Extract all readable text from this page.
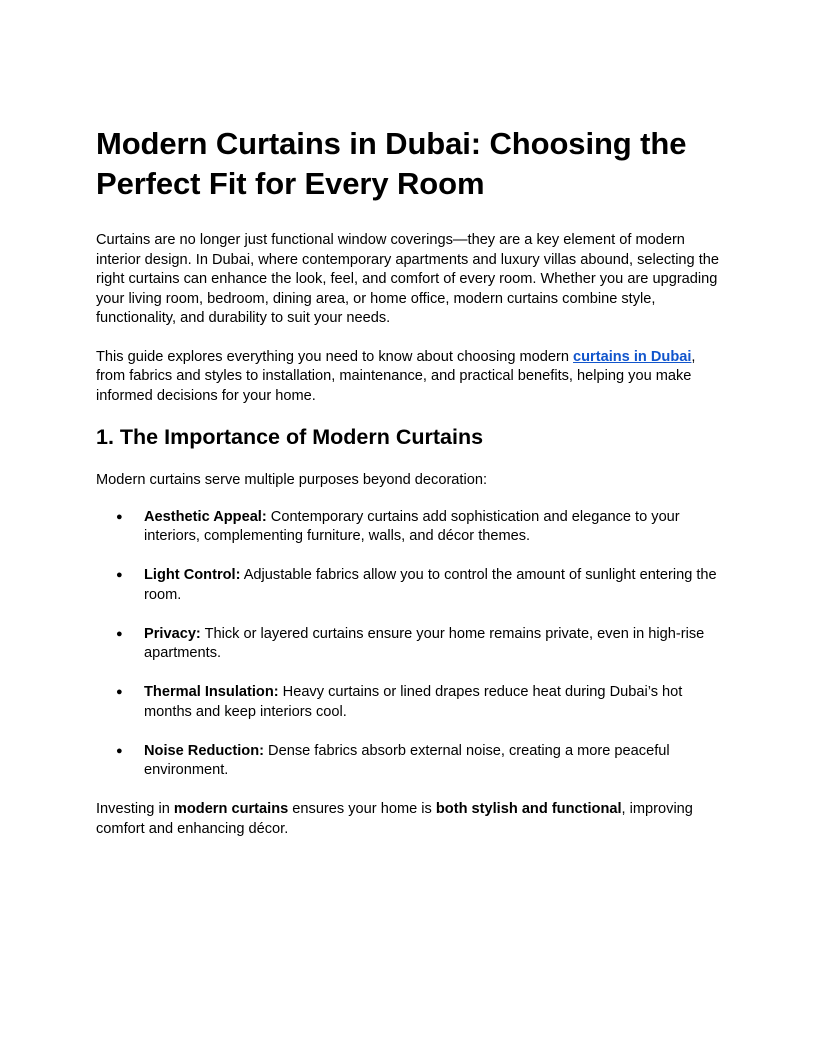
Modern Curtains in Dubai: Choosing the Perfect Fit for Every Room

Curtains are no longer just functional window coverings—they are a key element of modern interior design. In Dubai, where contemporary apartments and luxury villas abound, selecting the right curtains can enhance the look, feel, and comfort of every room. Whether you are upgrading your living room, bedroom, dining area, or home office, modern curtains combine style, functionality, and durability to suit your needs.

This guide explores everything you need to know about choosing modern curtains in Dubai, from fabrics and styles to installation, maintenance, and practical benefits, helping you make informed decisions for your home.

1. The Importance of Modern Curtains

Modern curtains serve multiple purposes beyond decoration:

● Aesthetic Appeal: Contemporary curtains add sophistication and elegance to your interiors, complementing furniture, walls, and décor themes.
● Light Control: Adjustable fabrics allow you to control the amount of sunlight entering the room.
● Privacy: Thick or layered curtains ensure your home remains private, even in high-rise apartments.
● Thermal Insulation: Heavy curtains or lined drapes reduce heat during Dubai’s hot months and keep interiors cool.
● Noise Reduction: Dense fabrics absorb external noise, creating a more peaceful environment.

Investing in modern curtains ensures your home is both stylish and functional, improving comfort and enhancing décor.
